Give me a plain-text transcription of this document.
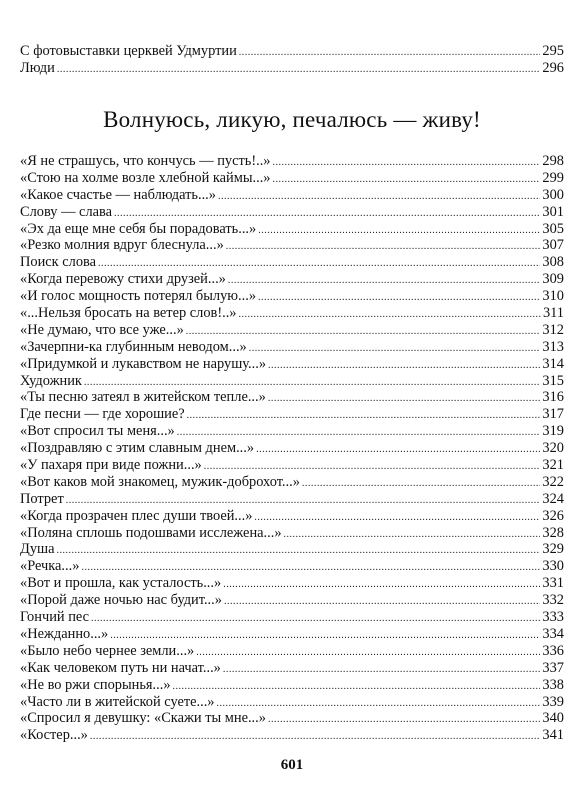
С фотовыставки церквей Удмуртии .....	295
Люди .....	296
Волнуюсь, ликую, печалюсь — живу!
«Я не страшусь, что кончусь — пусть!..» .....	298
«Стою на холме возле хлебной каймы...» .....	299
«Какое счастье — наблюдать...» .....	300
Слову — слава .....	301
«Эх да еще мне себя бы порадовать...» .....	305
«Резко молния вдруг блеснула...» .....	307
Поиск слова .....	308
«Когда перевожу стихи друзей...» .....	309
«И голос мощность потерял былую...» .....	310
«...Нельзя бросать на ветер слов!..» .....	311
«Не думаю, что все уже...» .....	312
«Зачерпни-ка глубинным неводом...» .....	313
«Придумкой и лукавством не нарушу...» .....	314
Художник .....	315
«Ты песню затеял в житейском тепле...» .....	316
Где песни — где хорошие? .....	317
«Вот спросил ты меня...» .....	319
«Поздравляю с этим славным днем...» .....	320
«У пахаря при виде пожни...» .....	321
«Вот каков мой знакомец, мужик-доброхот...» .....	322
Потрет .....	324
«Когда прозрачен плес души твоей...» .....	326
«Поляна сплошь подошвами исслежена...» .....	328
Душа .....	329
«Речка...» .....	330
«Вот и прошла, как усталость...» .....	331
«Порой даже ночью нас будит...» .....	332
Гончий пес .....	333
«Нежданно...» .....	334
«Было небо чернее земли...» .....	336
«Как человеком путь ни начат...» .....	337
«Не во ржи спорынья...» .....	338
«Часто ли в житейской суете...» .....	339
«Спросил я девушку: «Скажи ты мне...» .....	340
«Костер...» .....	341
601
